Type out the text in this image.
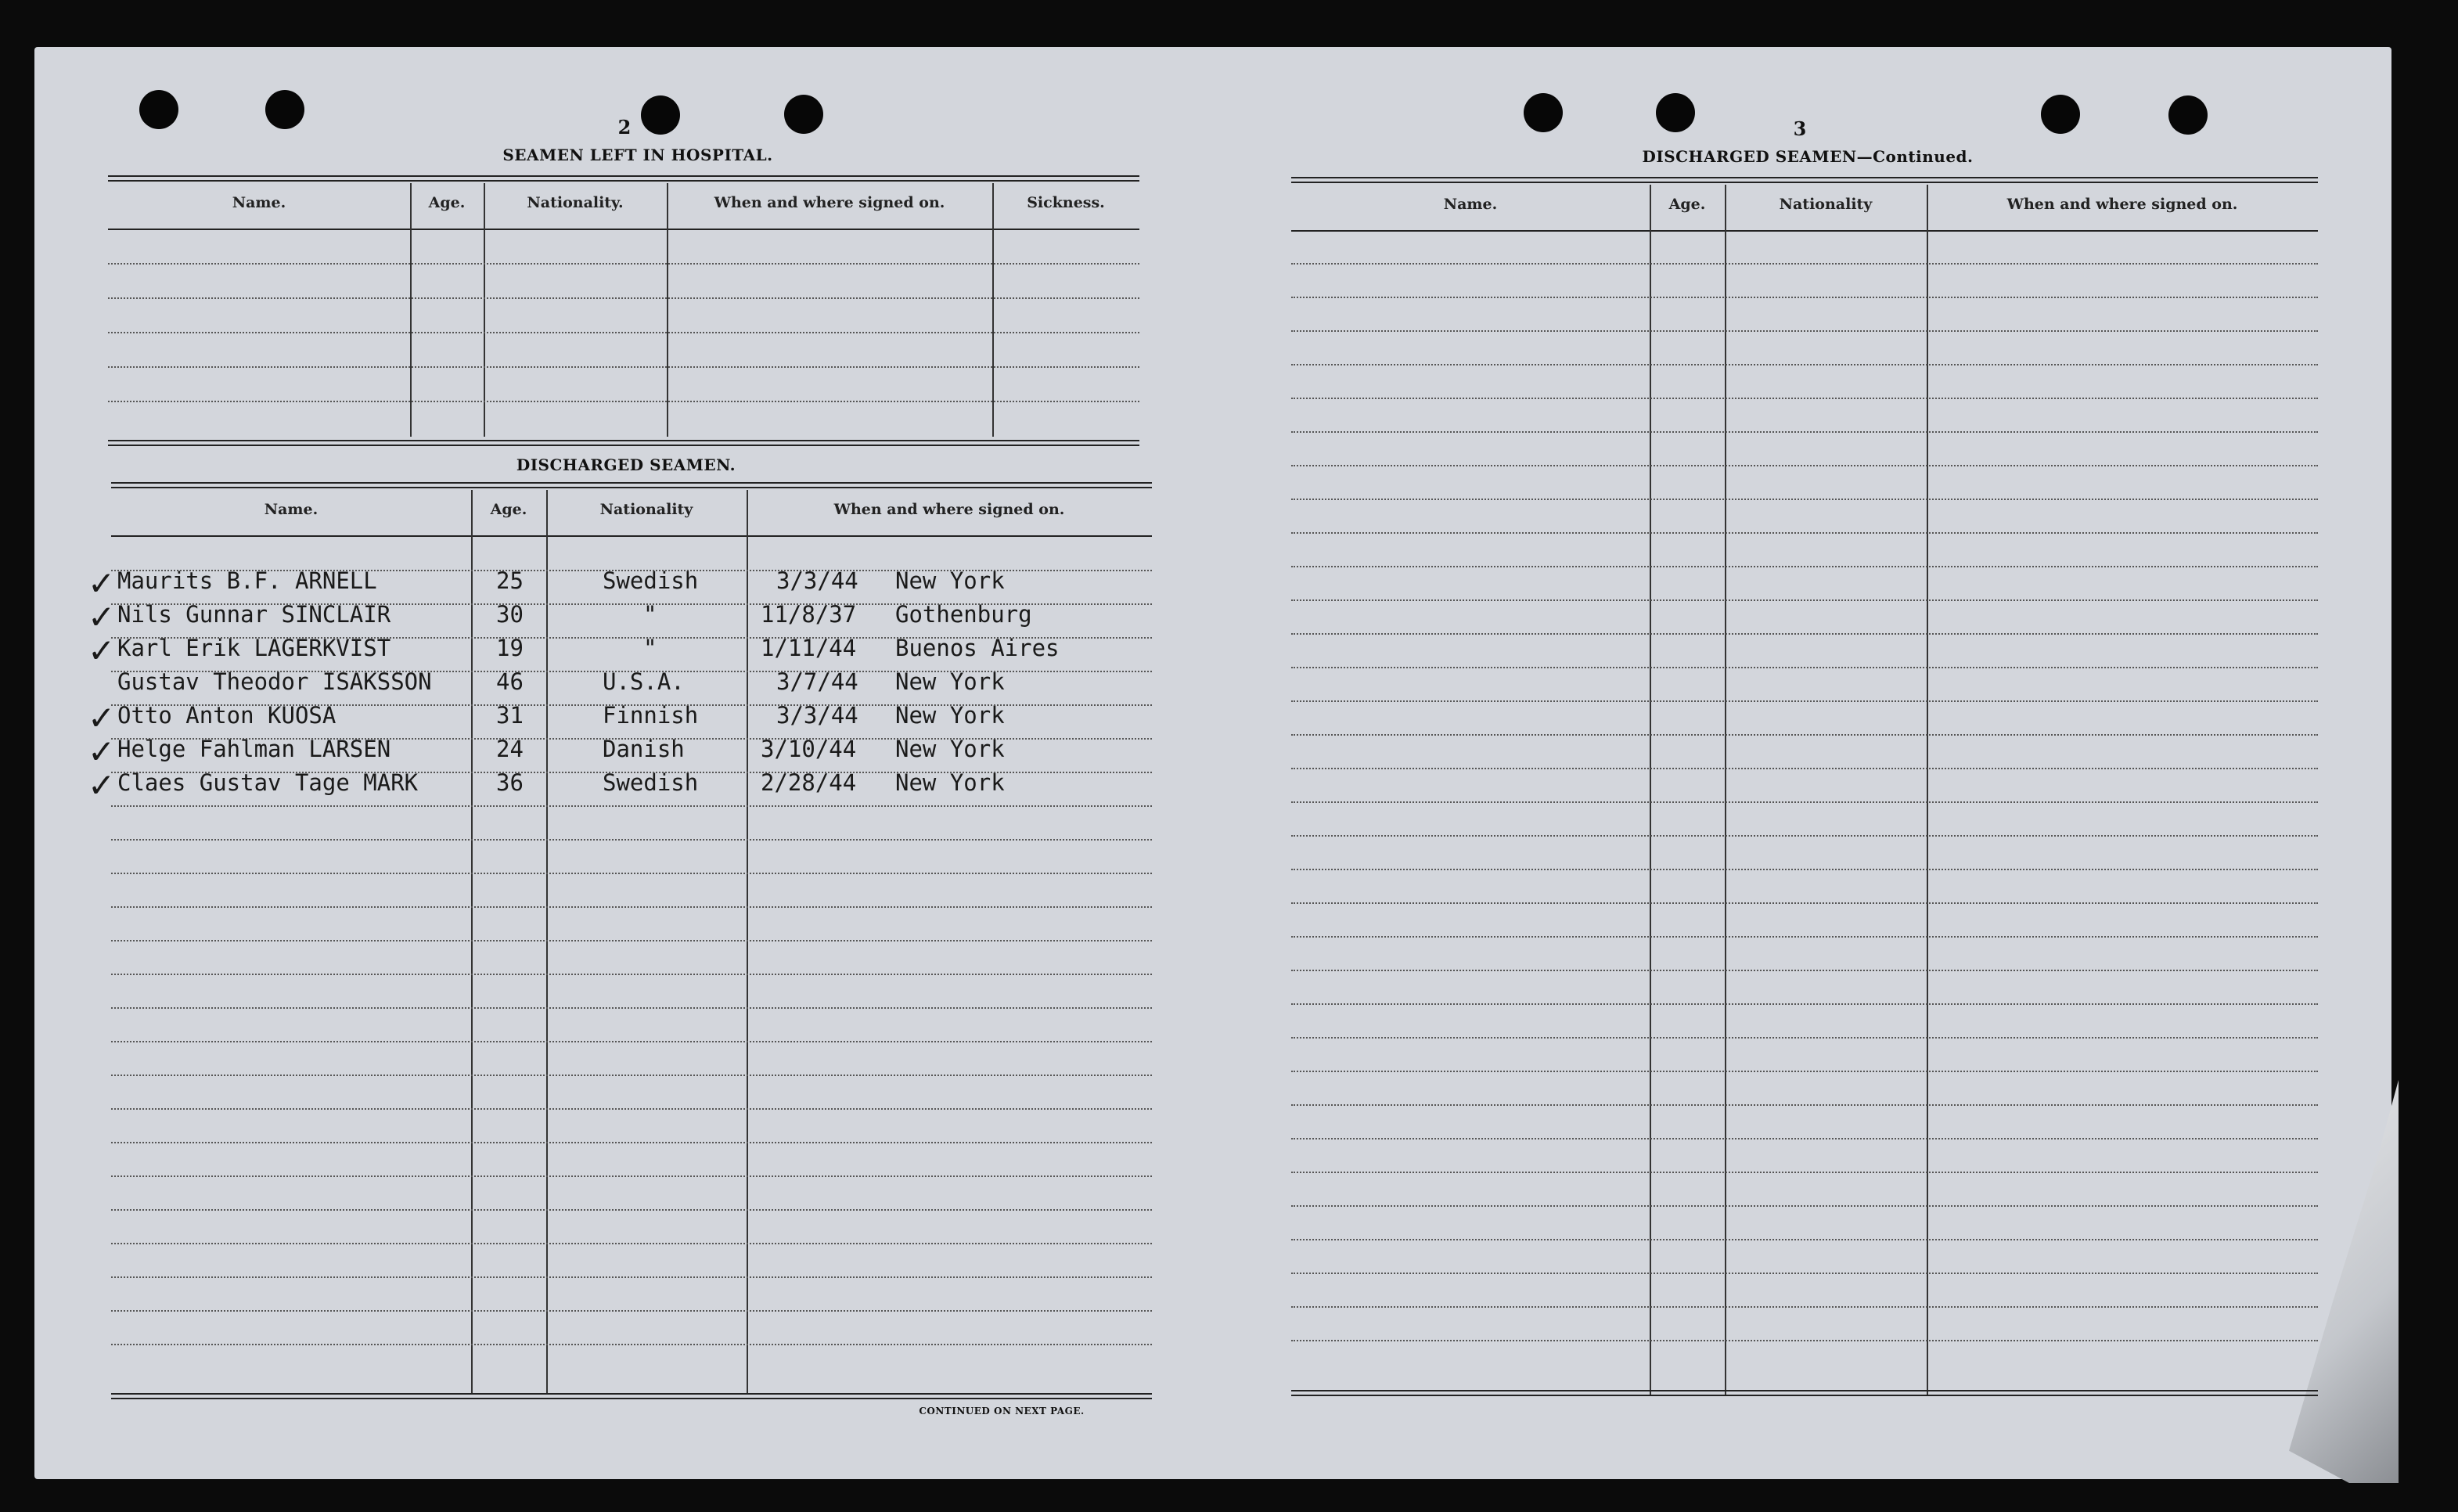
2
SEAMEN LEFT IN HOSPITAL.
Name.	Age.	Nationality.	When and where signed on.	Sickness.
DISCHARGED SEAMEN.
Name.	Age.	Nationality	When and where signed on.
✓ Maurits B.F. ARNELL	25	Swedish	3/3/44 New York
✓ Nils Gunnar SINCLAIR	30	"	11/8/37 Gothenburg
✓ Karl Erik LAGERKVIST	19	"	1/11/44 Buenos Aires
Gustav Theodor ISAKSSON	46	U.S.A.	3/7/44 New York
✓ Otto Anton KUOSA	31	Finnish	3/3/44 New York
✓ Helge Fahlman LARSEN	24	Danish	3/10/44 New York
✓ Claes Gustav Tage MARK	36	Swedish	2/28/44 New York
CONTINUED ON NEXT PAGE.
3
DISCHARGED SEAMEN—Continued.
Name.	Age.	Nationality	When and where signed on.
